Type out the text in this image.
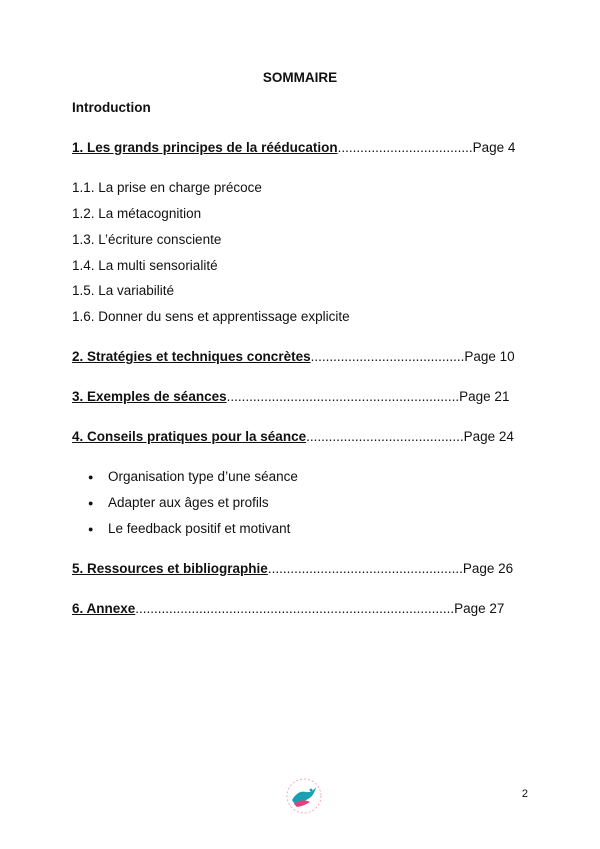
SOMMAIRE
Introduction
1. Les grands principes de la rééducation....................................Page 4
1.1. La prise en charge précoce
1.2. La métacognition
1.3. L’écriture consciente
1.4. La multi sensorialité
1.5. La variabilité
1.6. Donner du sens et apprentissage explicite
2. Stratégies et techniques concrètes.........................................Page 10
3. Exemples de séances..............................................................Page 21
4. Conseils pratiques pour la séance..........................................Page 24
● Organisation type d’une séance
● Adapter aux âges et profils
● Le feedback positif et motivant
5. Ressources et bibliographie....................................................Page 26
6. Annexe.....................................................................................Page 27
2
